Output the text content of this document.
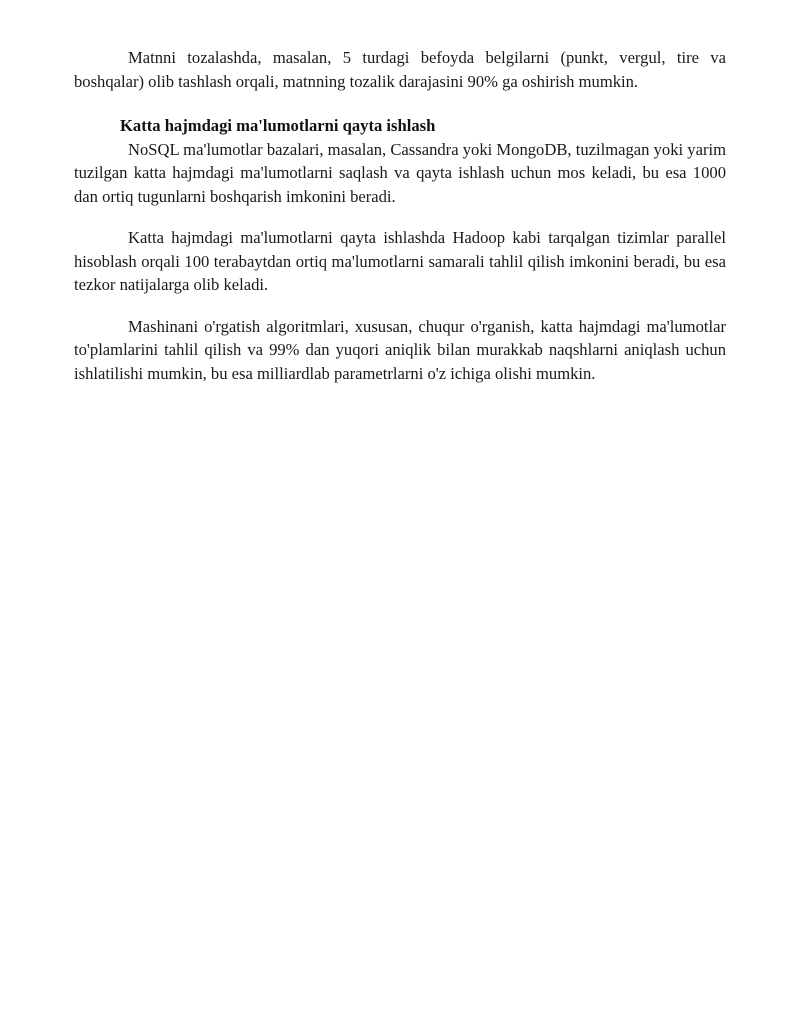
Matnni tozalashda, masalan, 5 turdagi befoyda belgilarni (punkt, vergul, tire va boshqalar) olib tashlash orqali, matnning tozalik darajasini 90% ga oshirish mumkin.

Katta hajmdagi ma'lumotlarni qayta ishlash

NoSQL ma'lumotlar bazalari, masalan, Cassandra yoki MongoDB, tuzilmagan yoki yarim tuzilgan katta hajmdagi ma'lumotlarni saqlash va qayta ishlash uchun mos keladi, bu esa 1000 dan ortiq tugunlarni boshqarish imkonini beradi.

Katta hajmdagi ma'lumotlarni qayta ishlashda Hadoop kabi tarqalgan tizimlar parallel hisoblash orqali 100 terabaytdan ortiq ma'lumotlarni samarali tahlil qilish imkonini beradi, bu esa tezkor natijalarga olib keladi.

Mashinani o'rgatish algoritmlari, xususan, chuqur o'rganish, katta hajmdagi ma'lumotlar to'plamlarini tahlil qilish va 99% dan yuqori aniqlik bilan murakkab naqshlarni aniqlash uchun ishlatilishi mumkin, bu esa milliardlab parametrlarni o'z ichiga olishi mumkin.
